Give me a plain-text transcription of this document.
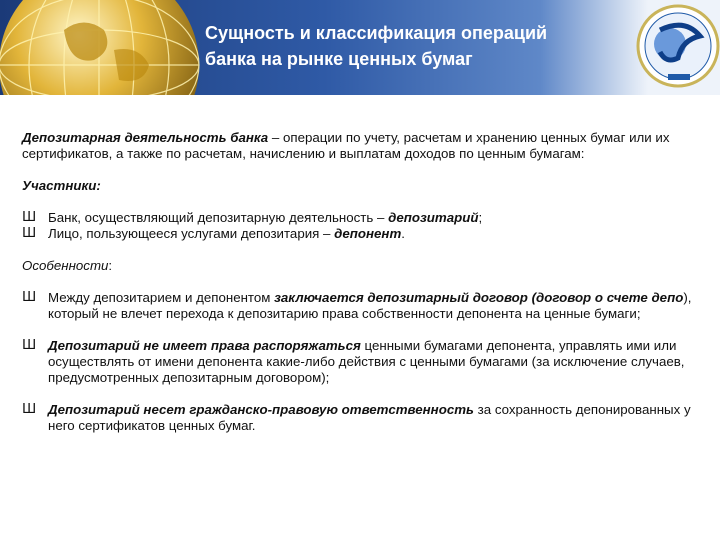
Сущность и классификация операций
банка на рынке ценных бумаг

Депозитарная деятельность банка – операции по учету, расчетам и хранению ценных бумаг или их сертификатов, а также по расчетам, начислению и выплатам доходов по ценным бумагам:

Участники:

Ш Банк, осуществляющий депозитарную деятельность – депозитарий;
Ш Лицо, пользующееся услугами депозитария – депонент.

Особенности:

Ш Между депозитарием и депонентом заключается депозитарный договор (договор о счете депо), который не влечет перехода к депозитарию права собственности депонента на ценные бумаги;
Ш Депозитарий не имеет права распоряжаться ценными бумагами депонента, управлять ими или осуществлять от имени депонента какие-либо действия с ценными бумагами (за исключение случаев, предусмотренных депозитарным договором);
Ш Депозитарий несет гражданско-правовую ответственность за сохранность депонированных у него сертификатов ценных бумаг.
